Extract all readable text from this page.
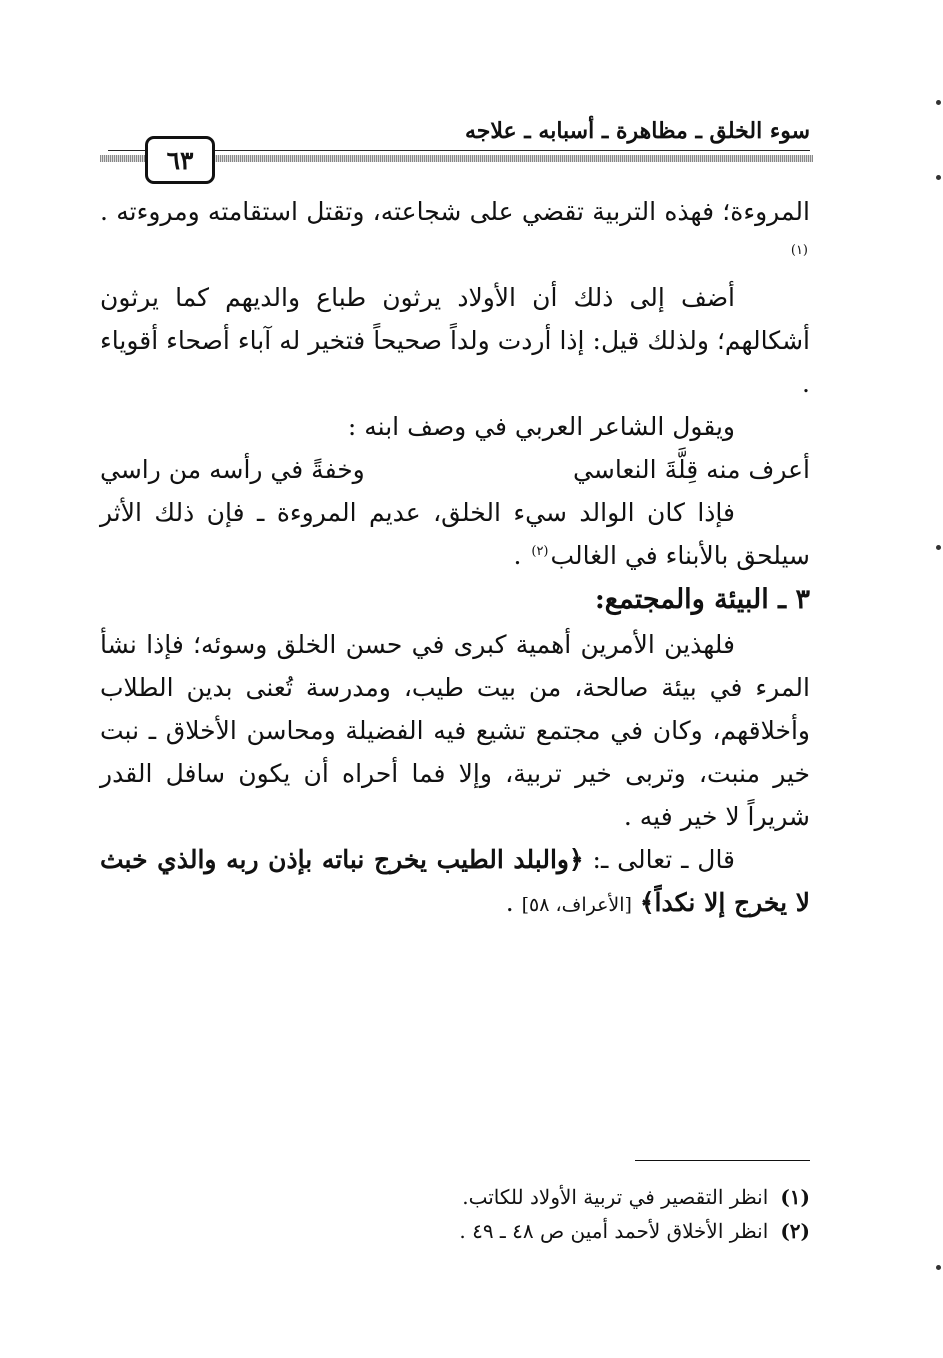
سوء الخلق ـ مظاهرة ـ أسبابه ـ علاجه
٦٣

المروءة؛ فهذه التربية تقضي على شجاعته، وتقتل استقامته ومروءته .$^{(١)}$

أضف إلى ذلك أن الأولاد يرثون طباع والديهم كما يرثون أشكالهم؛ ولذلك قيل: إذا أردت ولداً صحيحاً فتخير له آباء أصحاء أقوياء .

ويقول الشاعر العربي في وصف ابنه :

أعرف منه قِلَّةَ النعاسي
وخفةً في رأسه من راسي

فإذا كان الوالد سيء الخلق، عديم المروءة ـ فإن ذلك الأثر سيلحق بالأبناء في الغالب$^{(٢)}$ .

٣ ـ البيئة والمجتمع:

فلهذين الأمرين أهمية كبرى في حسن الخلق وسوئه؛ فإذا نشأ المرء في بيئة صالحة، من بيت طيب، ومدرسة تُعنى بدين الطلاب وأخلاقهم، وكان في مجتمع تشيع فيه الفضيلة ومحاسن الأخلاق ـ نبت خير منبت، وتربى خير تربية، وإلا فما أحراه أن يكون سافل القدر شريراً لا خير فيه .

قال ـ تعالى ـ: ﴿والبلد الطيب يخرج نباته بإذن ربه والذي خبث لا يخرج إلا نكداً﴾ [الأعراف، ٥٨] .

(١)
انظر التقصير في تربية الأولاد للكاتب.
(٢)
انظر الأخلاق لأحمد أمين ص ٤٨ ـ ٤٩ .
